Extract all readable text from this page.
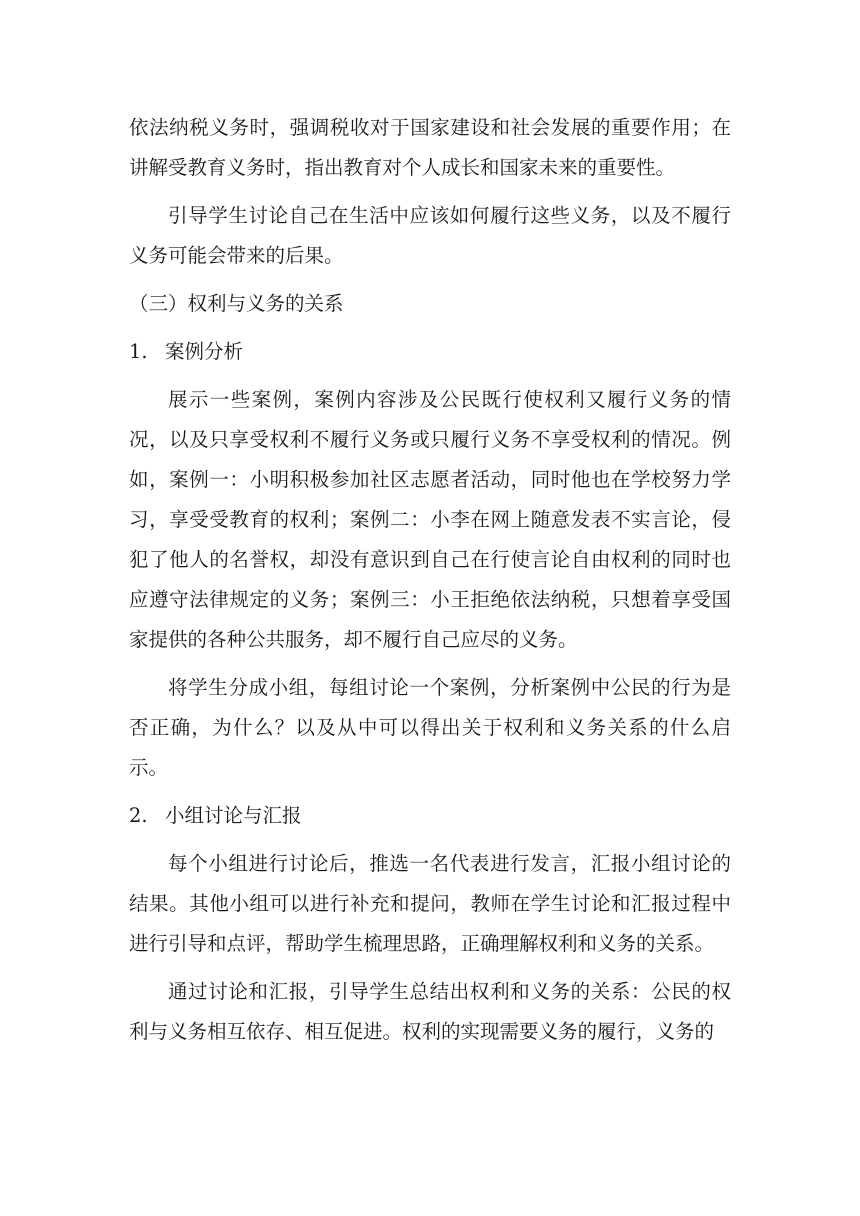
依法纳税义务时，强调税收对于国家建设和社会发展的重要作用；在讲解受教育义务时，指出教育对个人成长和国家未来的重要性。

引导学生讨论自己在生活中应该如何履行这些义务，以及不履行义务可能会带来的后果。

（三）权利与义务的关系

1. 案例分析

展示一些案例，案例内容涉及公民既行使权利又履行义务的情况，以及只享受权利不履行义务或只履行义务不享受权利的情况。例如，案例一：小明积极参加社区志愿者活动，同时他也在学校努力学习，享受受教育的权利；案例二：小李在网上随意发表不实言论，侵犯了他人的名誉权，却没有意识到自己在行使言论自由权利的同时也应遵守法律规定的义务；案例三：小王拒绝依法纳税，只想着享受国家提供的各种公共服务，却不履行自己应尽的义务。

将学生分成小组，每组讨论一个案例，分析案例中公民的行为是否正确，为什么？以及从中可以得出关于权利和义务关系的什么启示。

2. 小组讨论与汇报

每个小组进行讨论后，推选一名代表进行发言，汇报小组讨论的结果。其他小组可以进行补充和提问，教师在学生讨论和汇报过程中进行引导和点评，帮助学生梳理思路，正确理解权利和义务的关系。

通过讨论和汇报，引导学生总结出权利和义务的关系：公民的权利与义务相互依存、相互促进。权利的实现需要义务的履行，义务的
